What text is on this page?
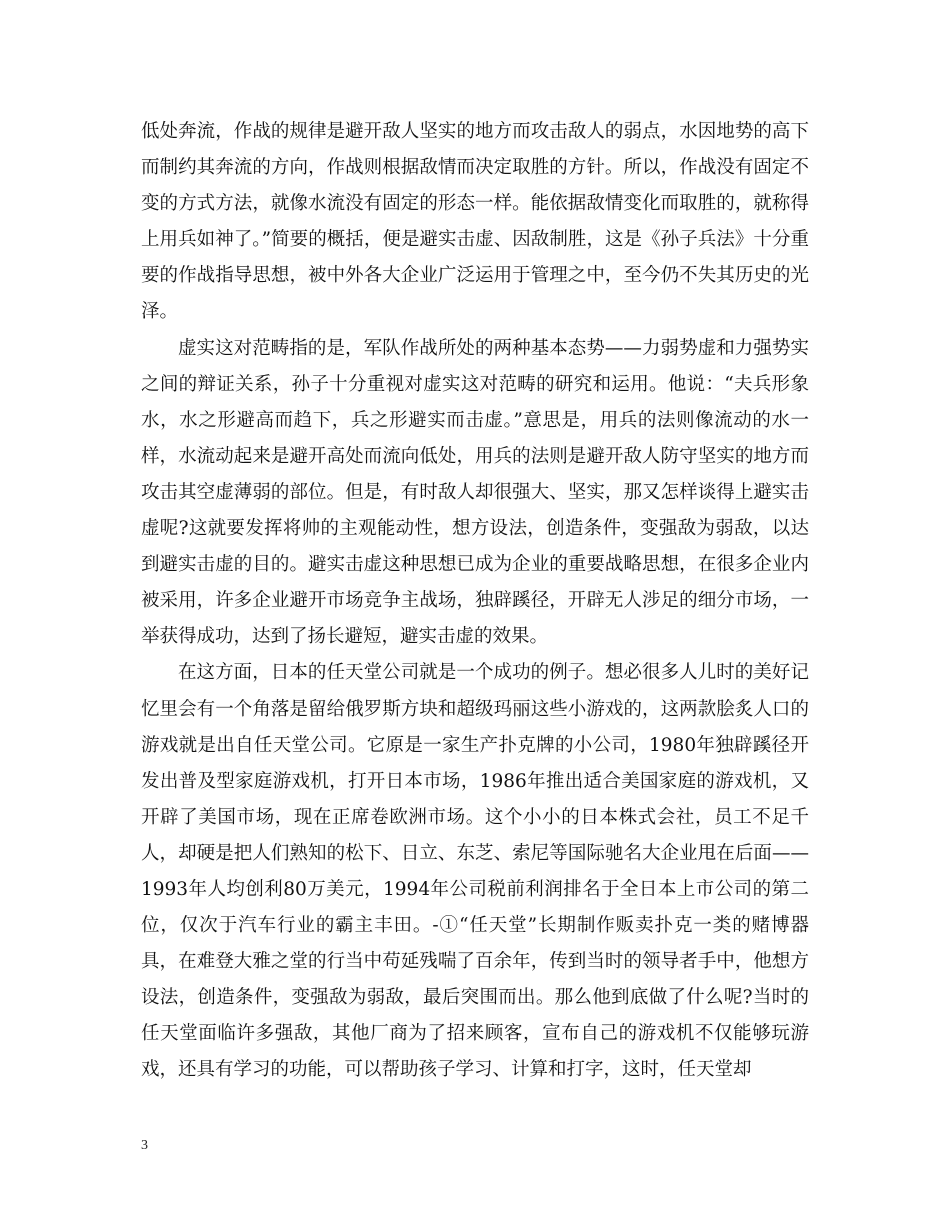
低处奔流，作战的规律是避开敌人坚实的地方而攻击敌人的弱点，水因地势的高下而制约其奔流的方向，作战则根据敌情而决定取胜的方针。所以，作战没有固定不变的方式方法，就像水流没有固定的形态一样。能依据敌情变化而取胜的，就称得上用兵如神了。”简要的概括，便是避实击虚、因敌制胜，这是《孙子兵法》十分重要的作战指导思想，被中外各大企业广泛运用于管理之中，至今仍不失其历史的光泽。

虚实这对范畴指的是，军队作战所处的两种基本态势——力弱势虚和力强势实之间的辩证关系，孙子十分重视对虚实这对范畴的研究和运用。他说：“夫兵形象水，水之形避高而趋下，兵之形避实而击虚。”意思是，用兵的法则像流动的水一样，水流动起来是避开高处而流向低处，用兵的法则是避开敌人防守坚实的地方而攻击其空虚薄弱的部位。但是，有时敌人却很强大、坚实，那又怎样谈得上避实击虚呢?这就要发挥将帅的主观能动性，想方设法，创造条件，变强敌为弱敌，以达到避实击虚的目的。避实击虚这种思想已成为企业的重要战略思想，在很多企业内被采用，许多企业避开市场竞争主战场，独辟蹊径，开辟无人涉足的细分市场，一举获得成功，达到了扬长避短，避实击虚的效果。

在这方面，日本的任天堂公司就是一个成功的例子。想必很多人儿时的美好记忆里会有一个角落是留给俄罗斯方块和超级玛丽这些小游戏的，这两款脍炙人口的游戏就是出自任天堂公司。它原是一家生产扑克牌的小公司，1980年独辟蹊径开发出普及型家庭游戏机，打开日本市场，1986年推出适合美国家庭的游戏机，又开辟了美国市场，现在正席卷欧洲市场。这个小小的日本株式会社，员工不足千人，却硬是把人们熟知的松下、日立、东芝、索尼等国际驰名大企业甩在后面——1993年人均创利80万美元，1994年公司税前利润排名于全日本上市公司的第二位，仅次于汽车行业的霸主丰田。-①“任天堂”长期制作贩卖扑克一类的赌博器具，在难登大雅之堂的行当中苟延残喘了百余年，传到当时的领导者手中，他想方设法，创造条件，变强敌为弱敌，最后突围而出。那么他到底做了什么呢?当时的任天堂面临许多强敌，其他厂商为了招来顾客，宣布自己的游戏机不仅能够玩游戏，还具有学习的功能，可以帮助孩子学习、计算和打字，这时，任天堂却

3
